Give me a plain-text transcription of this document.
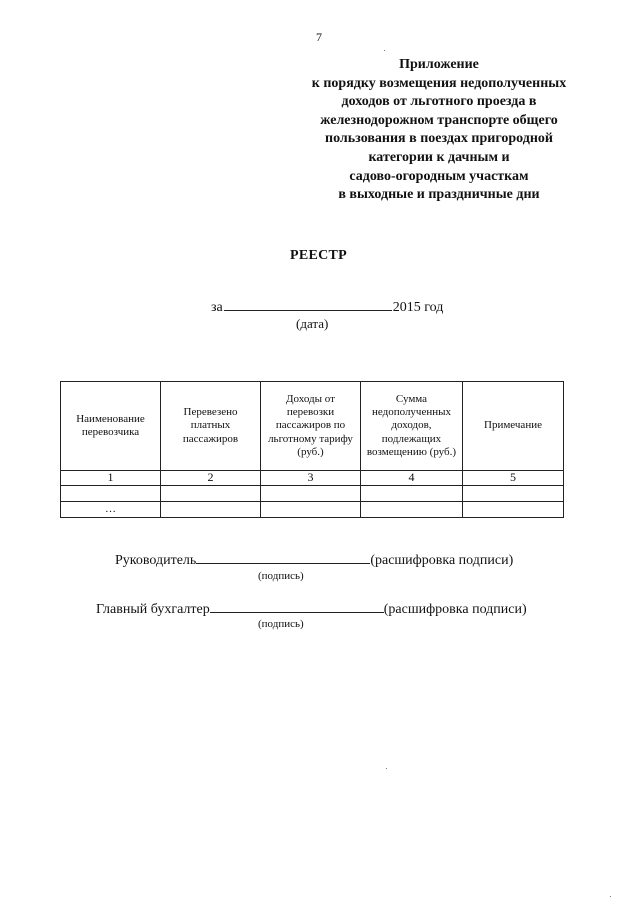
7
Приложение
к порядку возмещения недополученных
доходов от льготного проезда в
железнодорожном транспорте общего
пользования в поездах пригородной
категории к дачным и
садово-огородным участкам
в выходные и праздничные дни
РЕЕСТР
за	2015 год
(дата)
Наименование перевозчика	Перевезено платных пассажиров	Доходы от перевозки пассажиров по льготному тарифу (руб.)	Сумма недополученных доходов, подлежащих возмещению (руб.)	Примечание
1	2	3	4	5

…				
Руководитель	(расшифровка подписи)
(подпись)
Главный бухгалтер	(расшифровка подписи)
(подпись)
